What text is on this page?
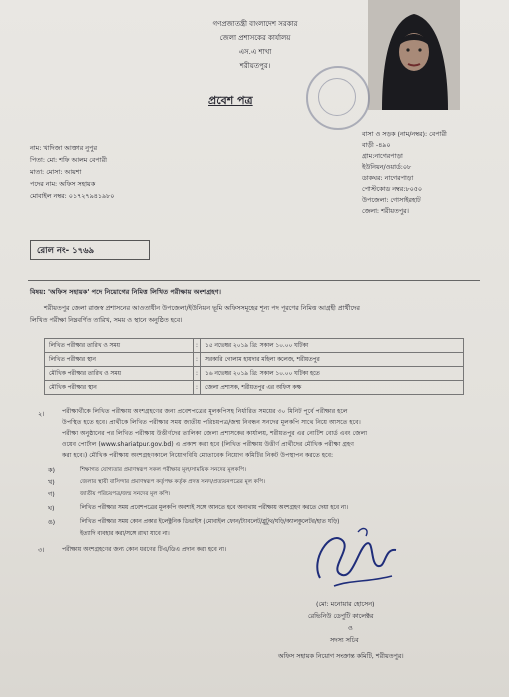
গণপ্রজাতন্ত্রী বাংলাদেশ সরকার
জেলা প্রশাসকের কার্যালয়
এস.এ শাখা
শরীয়তপুর।
প্রবেশ পত্র
নাম: খাদিজা আক্তার নুপুর
পিতা: মো: শফি আলম বেপারী
মাতা: মোসা: আয়শা
পদের নাম: অফিস সহায়ক
মোবাইল নম্বর: ০১৭২৭৯৪১৯৮০
বাসা ও সড়ক (নাম/নম্বর): বেপারী
বাড়ী -৪৯০
গ্রাম:নাগেরপাড়া
ইউনিয়ন/ওয়ার্ড:০৮
ডাকঘর: নাগেরপাড়া
পোস্টকোড নম্বর:৮০৫০
উপজেলা: গোসাইরহাট
জেলা: শরীয়তপুর।
রোল নং- ১৭৬৯
বিষয়: 'অফিস সহায়ক' পদে নিয়োগের নিমিত্ত লিখিত পরীক্ষায় অংশগ্রহণ।
শরীয়তপুর জেলা রাজস্ব প্রশাসনের আওতাধীন উপজেলা/ইউনিয়ন ভূমি অফিসসমূহের শূন্য পদ পূরণের নিমিত্ত আগ্রহী প্রার্থীদের
লিখিত পরীক্ষা নিম্নবর্ণিত তারিখ, সময় ও স্থানে অনুষ্ঠিত হবে।
লিখিত পরীক্ষার তারিখ ও সময়	:	১৫ নভেম্বর ২০১৯ খ্রি: সকাল ১০.০০ ঘটিকা
লিখিত পরীক্ষার স্থান	:	সরকারি গোলাম হায়দার মহিলা কলেজ, শরীয়তপুর
মৌখিক পরীক্ষার তারিখ ও সময়	:	১৬ নভেম্বর ২০১৯ খ্রি: সকাল ১০.০০ ঘটিকা হতে
মৌখিক পরীক্ষার স্থান	:	জেলা প্রশাসক, শরীয়তপুর এর অফিস কক্ষ
২।	পরীক্ষার্থীকে লিখিত পরীক্ষায় অংশগ্রহণের জন্য প্রবেশপত্রের মূলকপিসহ নির্ধারিত সময়ের ৩০ মিনিট পূর্বে পরীক্ষার হলে
উপস্থিত হতে হবে। প্রার্থীকে লিখিত পরীক্ষার সময় জাতীয় পরিচয়পত্র/জন্ম নিবন্ধন সনদের মূলকপি সাথে নিয়ে আসতে হবে।
পরীক্ষা অনুষ্ঠানের পর লিখিত পরীক্ষায় উত্তীর্ণদের তালিকা জেলা প্রশাসকের কার্যালয়, শরীয়তপুর এর নোটিশ বোর্ড এবং জেলা
ওয়েব পোর্টাল (www.shariatpur.gov.bd) এ প্রকাশ করা হবে (লিখিত পরীক্ষায় উত্তীর্ণ প্রার্থীদের মৌখিক পরীক্ষা গ্রহণ
করা হবে।) মৌখিক পরীক্ষায় অংশগ্রহণকালে নিয়োগবিধি মোতাবেক নিয়োগ কমিটির নিকট উপস্থাপন করতে হবে:
ক)	শিক্ষাগত যোগ্যতার প্রমাণস্বরূপ সকল পরীক্ষার মূল/সাময়িক সনদের মূলকপি।
খ)	জেলার স্থায়ী বাসিন্দার প্রমাণস্বরূপ কর্তৃপক্ষ কর্তৃক প্রদত্ত সনদ/প্রত্যয়নপত্রের মূল কপি।
গ)	জাতীয় পরিচয়পত্র/জন্ম সনদের মূল কপি।
ঘ)	লিখিত পরীক্ষার সময় প্রবেশপত্রের মূলকপি অবশ্যই সঙ্গে আনতে হবে অন্যথায় পরীক্ষায় অংশগ্রহণ করতে দেয়া হবে না।
ঙ)	লিখিত পরীক্ষার সময় কোন প্রকার ইলেক্ট্রনিক ডিভাইস (মোবাইল ফোন/ট্যাবলেট/ব্লুটুথ/ঘড়ি/ক্যালকুলেটর/হাত ঘড়ি)
ইত্যাদি ব্যবহার করা/সঙ্গে রাখা যাবে না।
৩।	পরীক্ষায় অংশগ্রহণের জন্য কোন ধরণের টিএ/ডিএ প্রদান করা হবে না।
(মো: মনোয়ার হোসেন)
রেভিনিউ ডেপুটি কালেক্টর
ও
সদস্য সচিব
অফিস সহায়ক নিয়োগ সংক্রান্ত কমিটি, শরীয়তপুর।
